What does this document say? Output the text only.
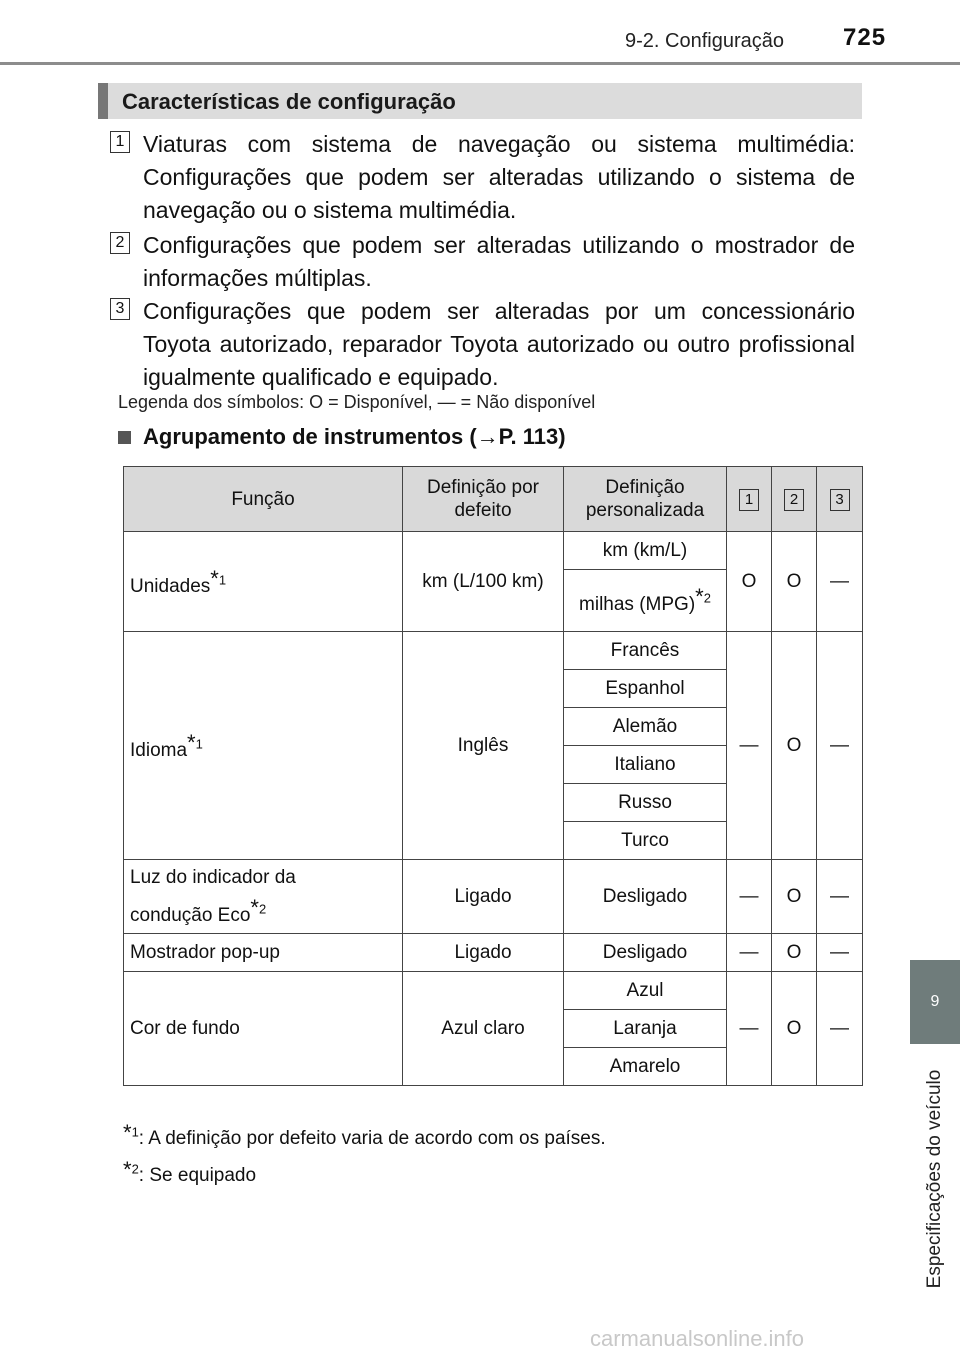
9-2. Configuração 725
Características de configuração
1 Viaturas com sistema de navegação ou sistema multimédia: Configurações que podem ser alteradas utilizando o sistema de navegação ou o sistema multimédia.
2 Configurações que podem ser alteradas utilizando o mostrador de informações múltiplas.
3 Configurações que podem ser alteradas por um concessionário Toyota autorizado, reparador Toyota autorizado ou outro profissional igualmente qualificado e equipado.
Legenda dos símbolos: O = Disponível, — = Não disponível
Agrupamento de instrumentos (→P. 113)
Função	Definição por defeito	Definição personalizada	1	2	3
Unidades$^{*1}$	km (L/100 km)	km (km/L)	O	O	—
		milhas (MPG)$^{*2}$
Idioma$^{*1}$	Inglês	Francês	—	O	—
		Espanhol			
		Alemão			
		Italiano			
		Russo			
		Turco			
Luz do indicador da
condução Eco$^{*2}$	Ligado	Desligado	—	O	—
Mostrador pop-up	Ligado	Desligado	—	O	—
Cor de fundo	Azul claro	Azul	—	O	—
		Laranja			
		Amarelo			
*$^1$: A definição por defeito varia de acordo com os países.
*$^2$: Se equipado
9
Especificações do veículo
carmanualsonline.info
